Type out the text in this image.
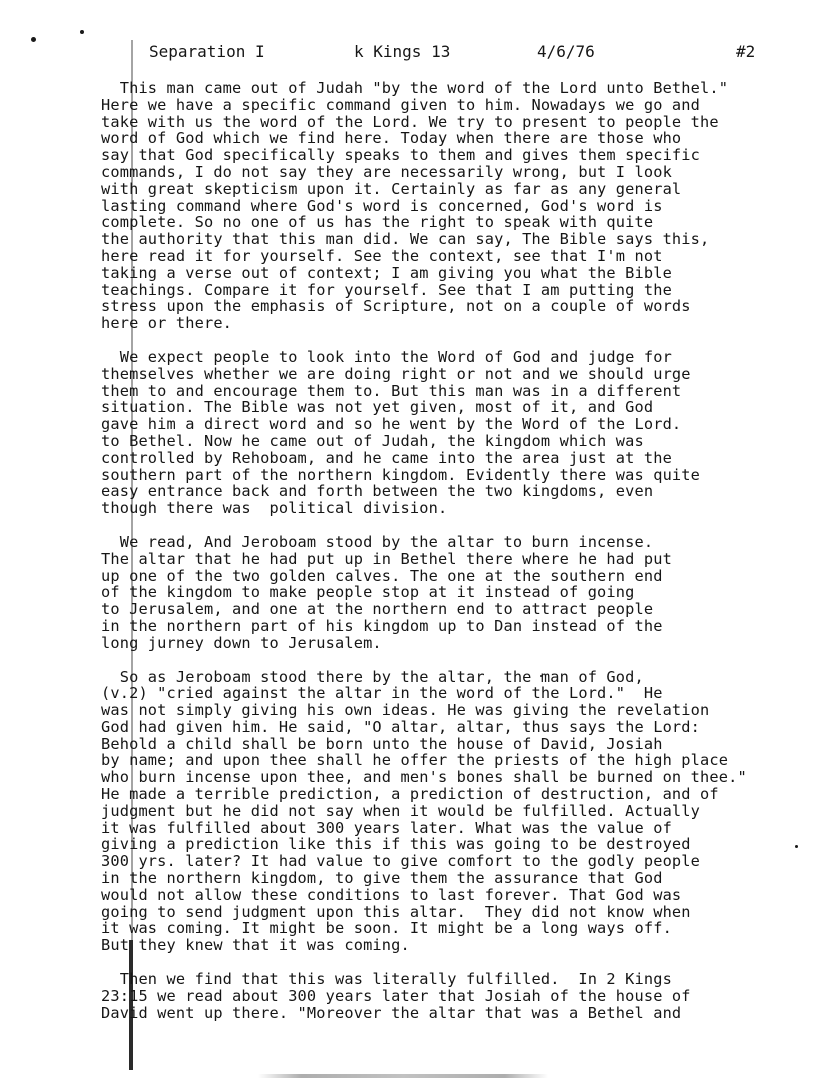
Separation I

	k Kings 13

	4/6/76

	#2

This man came out of Judah "by the word of the Lord unto Bethel."
Here we have a specific command given to him. Nowadays we go and
take with us the word of the Lord. We try to present to people the
word of God which we find here. Today when there are those who
say that God specifically speaks to them and gives them specific
commands, I do not say they are necessarily wrong, but I look
with great skepticism upon it. Certainly as far as any general
lasting command where God's word is concerned, God's word is
complete. So no one of us has the right to speak with quite
the authority that this man did. We can say, The Bible says this,
here read it for yourself. See the context, see that I'm not
taking a verse out of context; I am giving you what the Bible
teachings. Compare it for yourself. See that I am putting the
stress upon the emphasis of Scripture, not on a couple of words
here or there.
We expect people to look into the Word of God and judge for
themselves whether we are doing right or not and we should urge
them to and encourage them to. But this man was in a different
situation. The Bible was not yet given, most of it, and God
gave him a direct word and so he went by the Word of the Lord.
to Bethel. Now he came out of Judah, the kingdom which was
controlled by Rehoboam, and he came into the area just at the
southern part of the northern kingdom. Evidently there was quite
easy entrance back and forth between the two kingdoms, even
though there was  political division.
We read, And Jeroboam stood by the altar to burn incense.
The altar that he had put up in Bethel there where he had put
up one of the two golden calves. The one at the southern end
of the kingdom to make people stop at it instead of going
to Jerusalem, and one at the northern end to attract people
in the northern part of his kingdom up to Dan instead of the
long jurney down to Jerusalem.
So as Jeroboam stood there by the altar, the man of God,
(v.2) "cried against the altar in the word of the Lord."  He
was not simply giving his own ideas. He was giving the revelation
God had given him. He said, "O altar, altar, thus says the Lord:
Behold a child shall be born unto the house of David, Josiah
by name; and upon thee shall he offer the priests of the high place
who burn incense upon thee, and men's bones shall be burned on thee."
He made a terrible prediction, a prediction of destruction, and of
judgment but he did not say when it would be fulfilled. Actually
it was fulfilled about 300 years later. What was the value of
giving a prediction like this if this was going to be destroyed
300 yrs. later? It had value to give comfort to the godly people
in the northern kingdom, to give them the assurance that God
would not allow these conditions to last forever. That God was
going to send judgment upon this altar.  They did not know when
it was coming. It might be soon. It might be a long ways off.
But they knew that it was coming.
Then we find that this was literally fulfilled.  In 2 Kings
23:15 we read about 300 years later that Josiah of the house of
David went up there. "Moreover the altar that was a Bethel and
